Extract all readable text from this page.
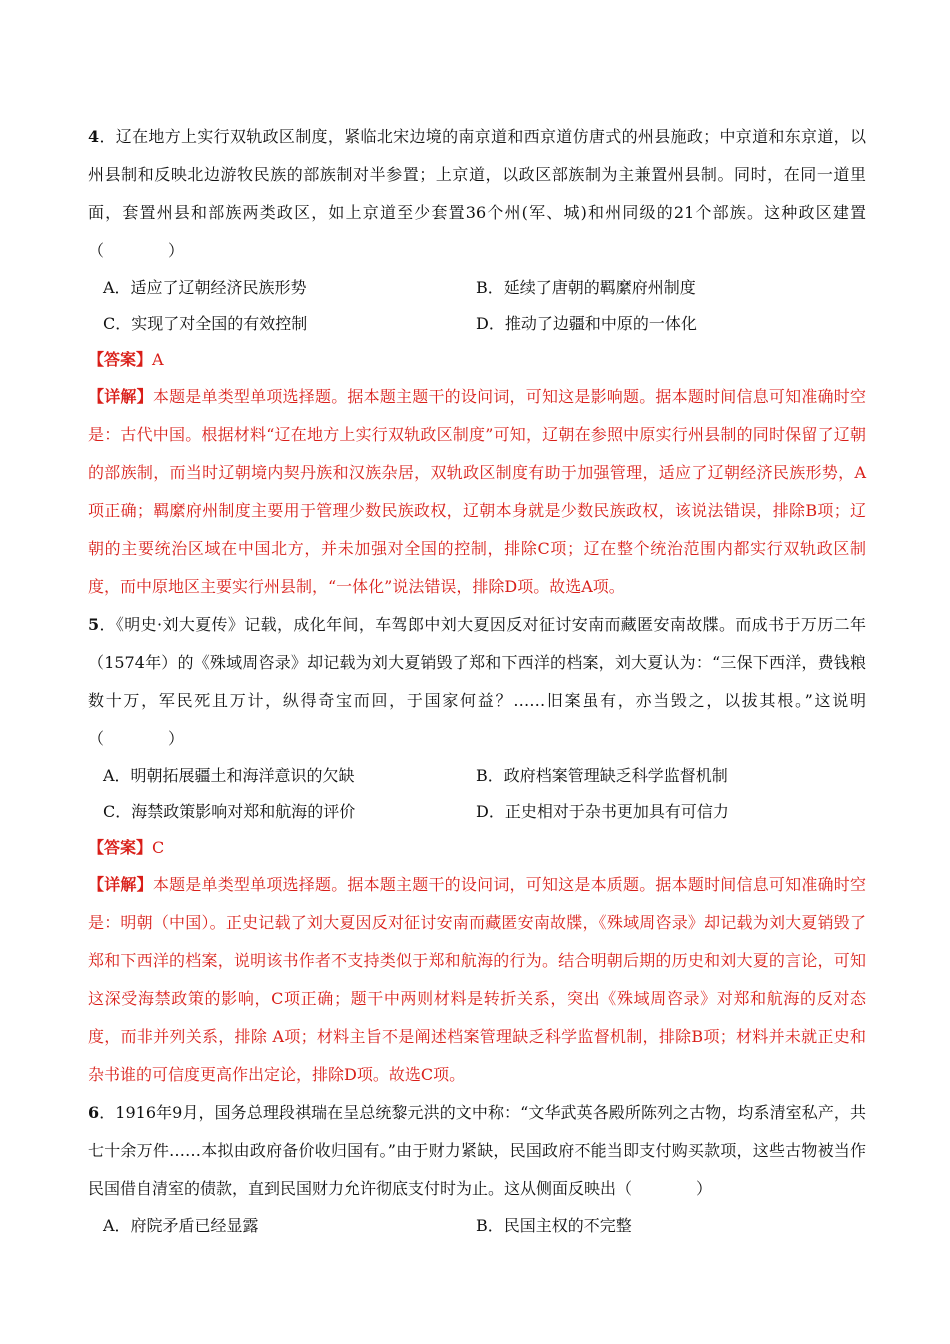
4．辽在地方上实行双轨政区制度，紧临北宋边境的南京道和西京道仿唐式的州县施政；中京道和东京道，以州县制和反映北边游牧民族的部族制对半参置；上京道，以政区部族制为主兼置州县制。同时，在同一道里面，套置州县和部族两类政区，如上京道至少套置36个州(军、城)和州同级的21个部族。这种政区建置（　　　　）
A．适应了辽朝经济民族形势	B．延续了唐朝的羁縻府州制度
C．实现了对全国的有效控制	D．推动了边疆和中原的一体化
【答案】A
【详解】本题是单类型单项选择题。据本题主题干的设问词，可知这是影响题。据本题时间信息可知准确时空是：古代中国。根据材料“辽在地方上实行双轨政区制度”可知，辽朝在参照中原实行州县制的同时保留了辽朝的部族制，而当时辽朝境内契丹族和汉族杂居，双轨政区制度有助于加强管理，适应了辽朝经济民族形势，A项正确；羁縻府州制度主要用于管理少数民族政权，辽朝本身就是少数民族政权，该说法错误，排除B项；辽朝的主要统治区域在中国北方，并未加强对全国的控制，排除C项；辽在整个统治范围内都实行双轨政区制度，而中原地区主要实行州县制，“一体化”说法错误，排除D项。故选A项。
5．《明史·刘大夏传》记载，成化年间，车驾郎中刘大夏因反对征讨安南而藏匿安南故牒。而成书于万历二年（1574年）的《殊域周咨录》却记载为刘大夏销毁了郑和下西洋的档案，刘大夏认为：“三保下西洋，费钱粮数十万，军民死且万计，纵得奇宝而回，于国家何益？……旧案虽有，亦当毁之，以拔其根。”这说明（　　　　）
A．明朝拓展疆土和海洋意识的欠缺	B．政府档案管理缺乏科学监督机制
C．海禁政策影响对郑和航海的评价	D．正史相对于杂书更加具有可信力
【答案】C
【详解】本题是单类型单项选择题。据本题主题干的设问词，可知这是本质题。据本题时间信息可知准确时空是：明朝（中国）。正史记载了刘大夏因反对征讨安南而藏匿安南故牒，《殊域周咨录》却记载为刘大夏销毁了郑和下西洋的档案，说明该书作者不支持类似于郑和航海的行为。结合明朝后期的历史和刘大夏的言论，可知这深受海禁政策的影响，C项正确；题干中两则材料是转折关系，突出《殊域周咨录》对郑和航海的反对态度，而非并列关系，排除 A项；材料主旨不是阐述档案管理缺乏科学监督机制，排除B项；材料并未就正史和杂书谁的可信度更高作出定论，排除D项。故选C项。
6．1916年9月，国务总理段祺瑞在呈总统黎元洪的文中称：“文华武英各殿所陈列之古物，均系清室私产，共七十余万件……本拟由政府备价收归国有。”由于财力紧缺，民国政府不能当即支付购买款项，这些古物被当作民国借自清室的债款，直到民国财力允许彻底支付时为止。这从侧面反映出（　　　　）
A．府院矛盾已经显露	B．民国主权的不完整
